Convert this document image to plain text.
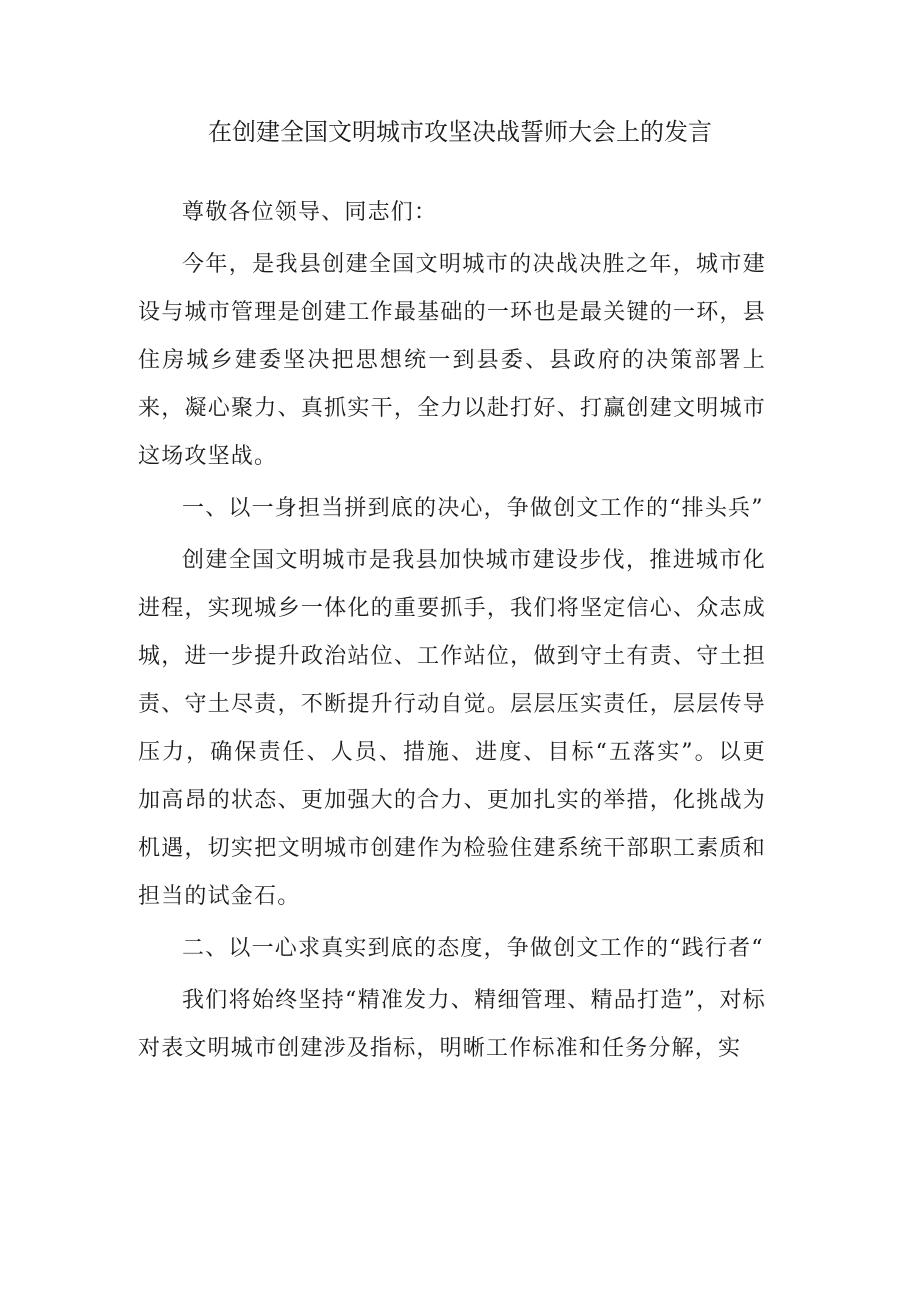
在创建全国文明城市攻坚决战誓师大会上的发言

尊敬各位领导、同志们：

今年，是我县创建全国文明城市的决战决胜之年，城市建设与城市管理是创建工作最基础的一环也是最关键的一环，县住房城乡建委坚决把思想统一到县委、县政府的决策部署上来，凝心聚力、真抓实干，全力以赴打好、打赢创建文明城市这场攻坚战。

一、以一身担当拼到底的决心，争做创文工作的“排头兵”

创建全国文明城市是我县加快城市建设步伐，推进城市化进程，实现城乡一体化的重要抓手，我们将坚定信心、众志成城，进一步提升政治站位、工作站位，做到守土有责、守土担责、守土尽责，不断提升行动自觉。层层压实责任，层层传导压力，确保责任、人员、措施、进度、目标“五落实”。以更加高昂的状态、更加强大的合力、更加扎实的举措，化挑战为机遇，切实把文明城市创建作为检验住建系统干部职工素质和担当的试金石。

二、以一心求真实到底的态度，争做创文工作的“践行者“

我们将始终坚持“精准发力、精细管理、精品打造”，对标对表文明城市创建涉及指标，明晰工作标准和任务分解，实
